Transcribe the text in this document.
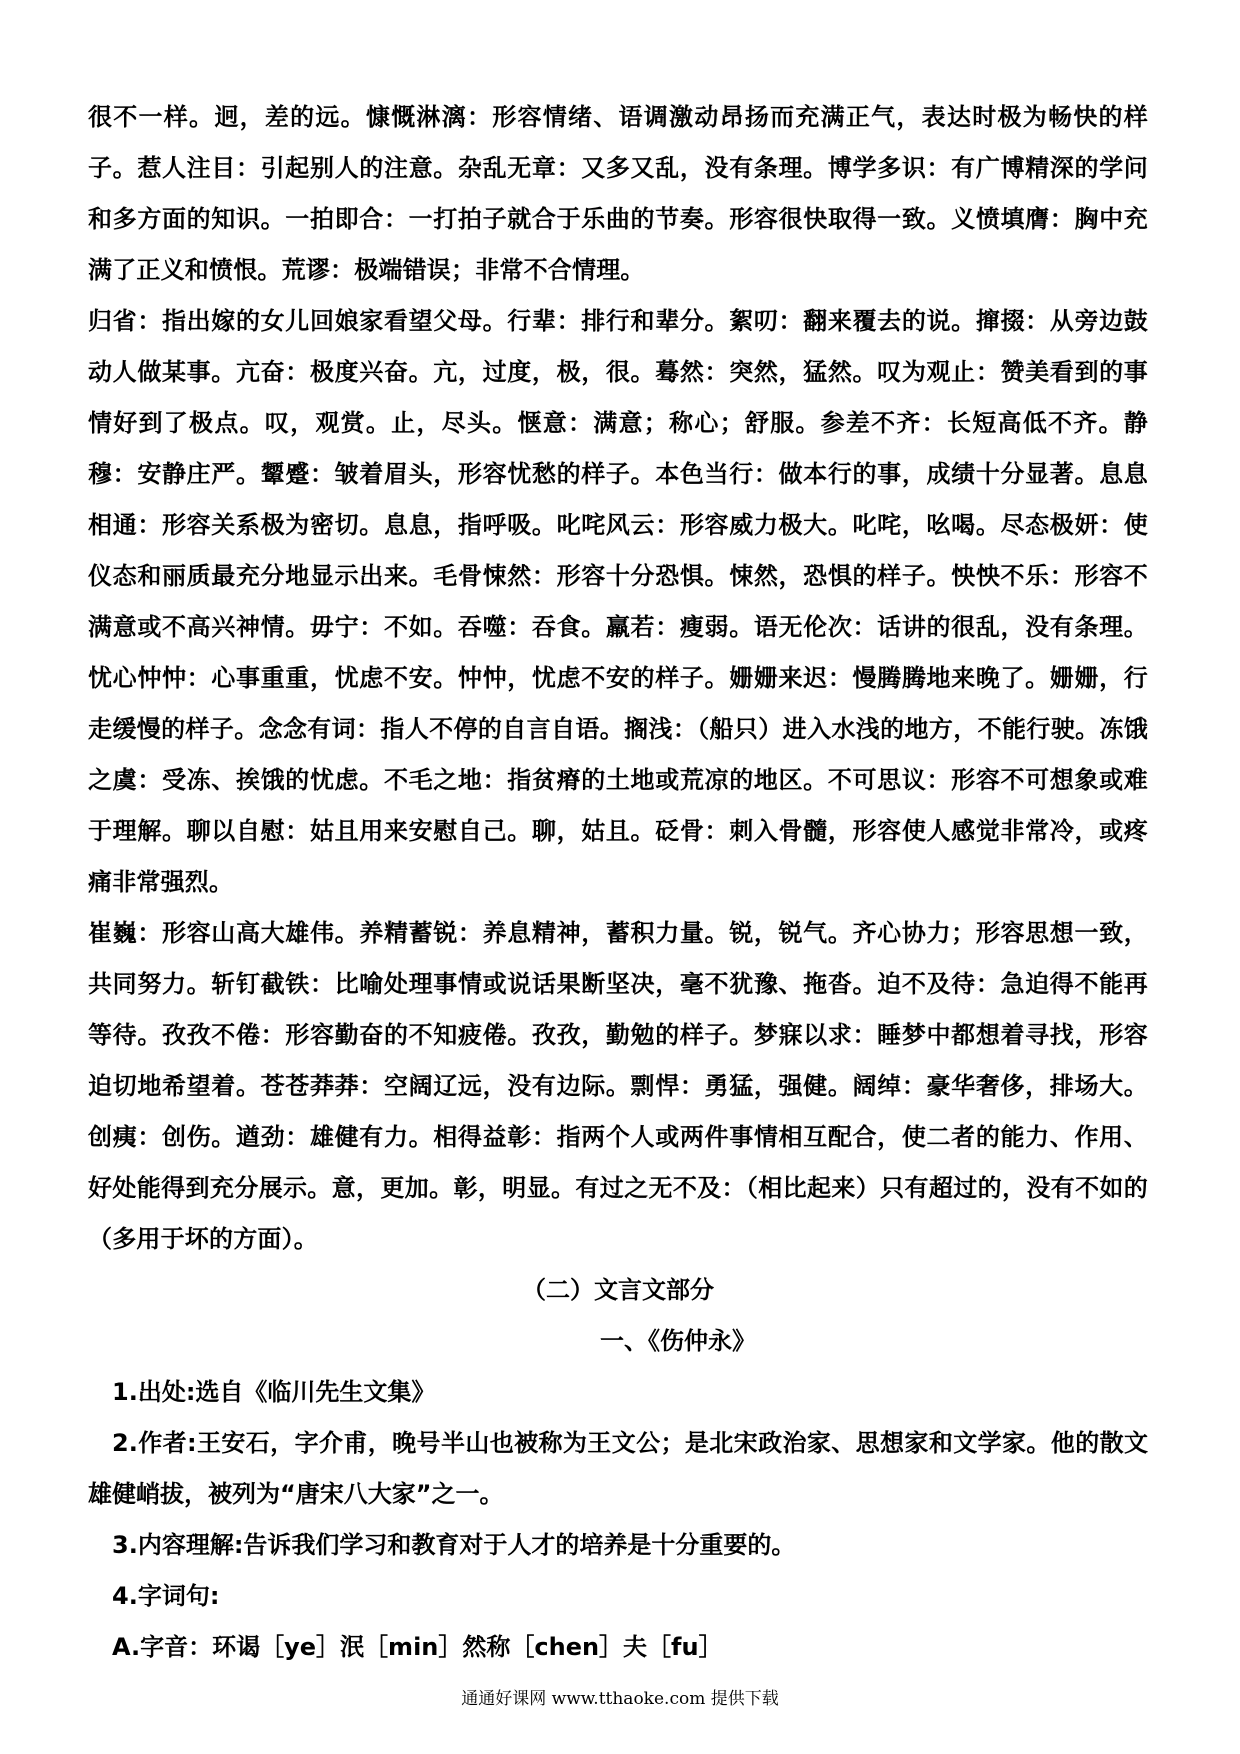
很不一样。迥，差的远。慷慨淋漓：形容情绪、语调激动昂扬而充满正气，表达时极为畅快的样子。惹人注目：引起别人的注意。杂乱无章：又多又乱，没有条理。博学多识：有广博精深的学问和多方面的知识。一拍即合：一打拍子就合于乐曲的节奏。形容很快取得一致。义愤填膺：胸中充满了正义和愤恨。荒谬：极端错误；非常不合情理。

归省：指出嫁的女儿回娘家看望父母。行辈：排行和辈分。絮叨：翻来覆去的说。撺掇：从旁边鼓动人做某事。亢奋：极度兴奋。亢，过度，极，很。蓦然：突然，猛然。叹为观止：赞美看到的事情好到了极点。叹，观赏。止，尽头。惬意：满意；称心；舒服。参差不齐：长短高低不齐。静穆：安静庄严。颦蹙：皱着眉头，形容忧愁的样子。本色当行：做本行的事，成绩十分显著。息息相通：形容关系极为密切。息息，指呼吸。叱咤风云：形容威力极大。叱咤，吆喝。尽态极妍：使仪态和丽质最充分地显示出来。毛骨悚然：形容十分恐惧。悚然，恐惧的样子。怏怏不乐：形容不满意或不高兴神情。毋宁：不如。吞噬：吞食。羸若：瘦弱。语无伦次：话讲的很乱，没有条理。忧心忡忡：心事重重，忧虑不安。忡忡，忧虑不安的样子。姗姗来迟：慢腾腾地来晚了。姗姗，行走缓慢的样子。念念有词：指人不停的自言自语。搁浅：（船只）进入水浅的地方，不能行驶。冻饿之虞：受冻、挨饿的忧虑。不毛之地：指贫瘠的土地或荒凉的地区。不可思议：形容不可想象或难于理解。聊以自慰：姑且用来安慰自己。聊，姑且。砭骨：刺入骨髓，形容使人感觉非常冷，或疼痛非常强烈。

崔巍：形容山高大雄伟。养精蓄锐：养息精神，蓄积力量。锐，锐气。齐心协力；形容思想一致，共同努力。斩钉截铁：比喻处理事情或说话果断坚决，毫不犹豫、拖沓。迫不及待：急迫得不能再等待。孜孜不倦：形容勤奋的不知疲倦。孜孜，勤勉的样子。梦寐以求：睡梦中都想着寻找，形容迫切地希望着。苍苍莽莽：空阔辽远，没有边际。剽悍：勇猛，强健。阔绰：豪华奢侈，排场大。创痍：创伤。遒劲：雄健有力。相得益彰：指两个人或两件事情相互配合，使二者的能力、作用、好处能得到充分展示。意，更加。彰，明显。有过之无不及：（相比起来）只有超过的，没有不如的（多用于坏的方面）。

（二）文言文部分

一、《伤仲永》

1.出处:选自《临川先生文集》

2.作者:王安石，字介甫，晚号半山也被称为王文公；是北宋政治家、思想家和文学家。他的散文雄健峭拔，被列为“唐宋八大家”之一。

3.内容理解:告诉我们学习和教育对于人才的培养是十分重要的。

4.字词句:

A.字音：环谒［ye］泯［min］然称［chen］夫［fu］

通通好课网 www.tthaoke.com 提供下载
